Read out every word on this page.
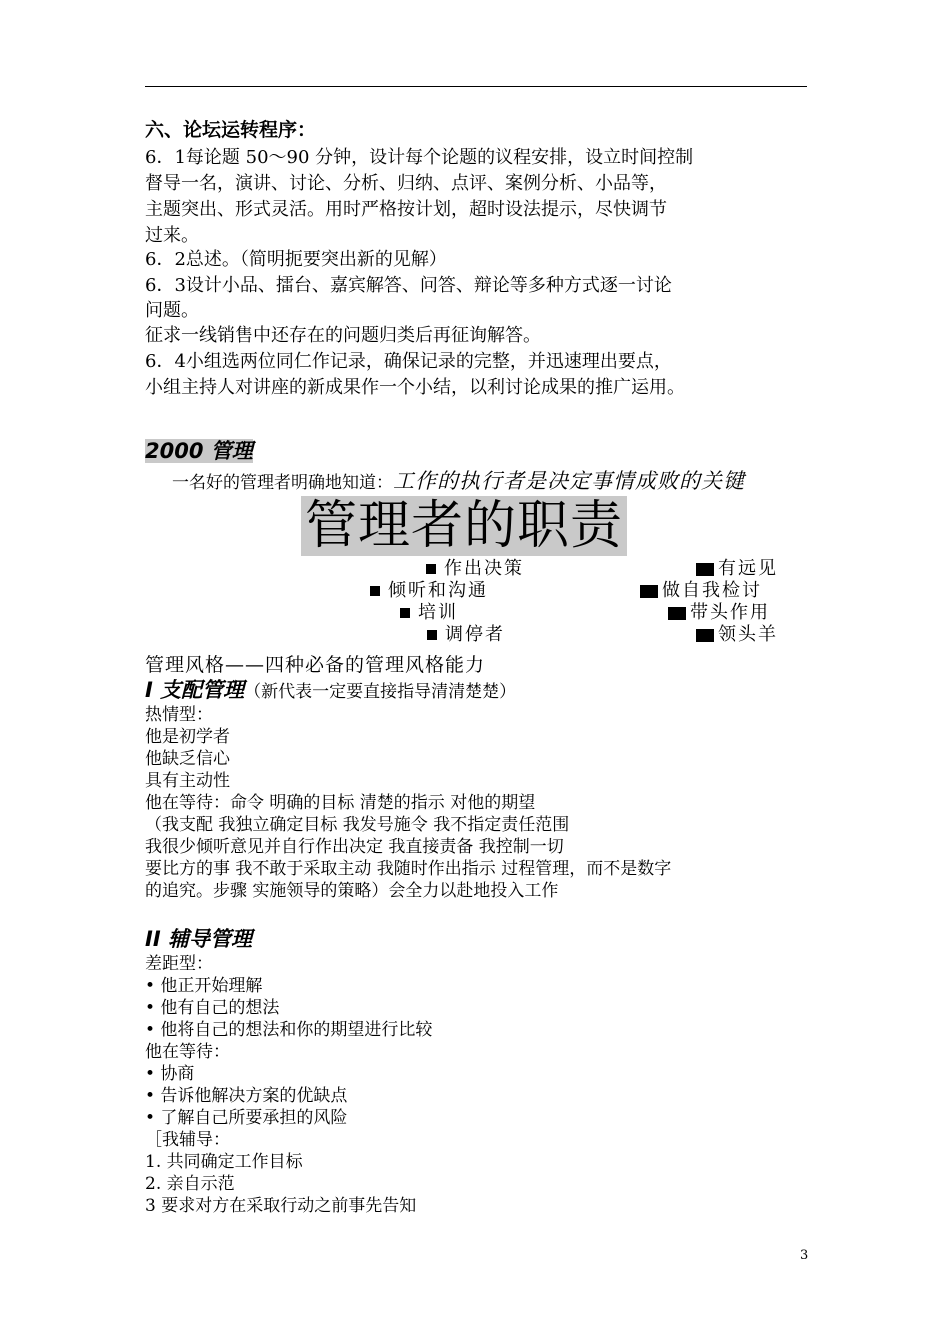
六、论坛运转程序：
6．1每论题 50～90 分钟，设计每个论题的议程安排，设立时间控制
督导一名，演讲、讨论、分析、归纳、点评、案例分析、小品等，
主题突出、形式灵活。用时严格按计划，超时设法提示，尽快调节
过来。
6．2总述。（简明扼要突出新的见解）
6．3设计小品、擂台、嘉宾解答、问答、辩论等多种方式逐一讨论
问题。
征求一线销售中还存在的问题归类后再征询解答。
6．4小组选两位同仁作记录，确保记录的完整，并迅速理出要点，
小组主持人对讲座的新成果作一个小结，以利讨论成果的推广运用。
2000 管理
一名好的管理者明确地知道：工作的执行者是决定事情成败的关键
管理者的职责
作出决策
倾听和沟通
培训
调停者
有远见
做自我检讨
带头作用
领头羊
管理风格——四种必备的管理风格能力
I 支配管理（新代表一定要直接指导清清楚楚）
热情型：
他是初学者
他缺乏信心
具有主动性
他在等待：命令 明确的目标 清楚的指示 对他的期望
（我支配 我独立确定目标 我发号施令 我不指定责任范围
我很少倾听意见并自行作出决定 我直接责备 我控制一切
要比方的事 我不敢于采取主动 我随时作出指示 过程管理，而不是数字
的追究。步骤 实施领导的策略）会全力以赴地投入工作
II 辅导管理
差距型：
• 他正开始理解
• 他有自己的想法
• 他将自己的想法和你的期望进行比较
他在等待：
• 协商
• 告诉他解决方案的优缺点
• 了解自己所要承担的风险
［我辅导：
1. 共同确定工作目标
2. 亲自示范
3 要求对方在采取行动之前事先告知
3
